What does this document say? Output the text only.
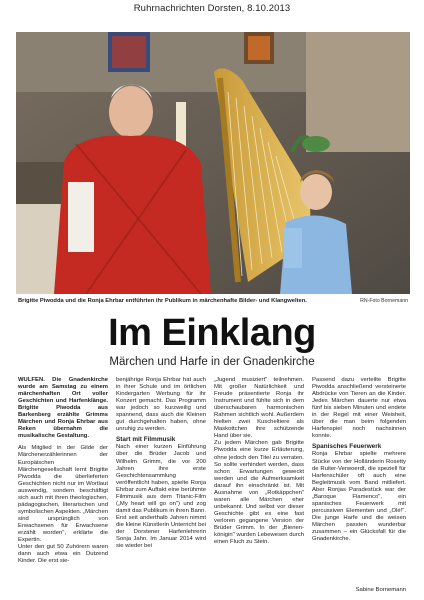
Ruhrnachrichten Dorsten, 8.10.2013
Brigitte Piwodda und die Ronja Ehrbar entführten ihr Publikum in märchenhafte Bilder- und Klangwelten.	RN-Foto Bornemann
Im Einklang
Märchen und Harfe in der Gnadenkirche

WULFEN. Die Gnadenkirche wurde am Samstag zu einem märchenhaften Ort voller Geschichten und Harfenklänge. Brigitte Piwodda aus Barkenberg erzählte Grimms Märchen und Ronja Ehrbar aus Reken übernahm die musikalische Gestaltung.

Als Mitglied in der Gilde der Märchenerzählerinnen der Europäischen Märchengesellschaft lernt Brigitte Piwodda die überlieferten Geschichten nicht nur im Wortlaut auswendig, sondern beschäftigt sich auch mit ihren theologischen, pädagogischen, literarischen und symbolischen Aspekten. „Märchen sind ursprünglich von Erwachsenen für Erwachsene erzählt worden", erklärte die Expertin.

Unter den gut 50 Zuhörern waren dann auch etwa ein Dutzend Kinder. Die erst sie-

benjährige Ronja Ehrbar hat auch in ihrer Schule und im örtlichen Kindergarten Werbung für ihr Konzert gemacht. Das Programm war jedoch so kurzweilig und spannend, dass auch die Kleinen gut durchgehalten haben, ohne unruhig zu werden.

Start mit Filmmusik

Nach einer kurzen Einführung über die Brüder Jacob und Wilhelm Grimm, die vor 200 Jahren ihre erste Geschichtensammlung veröffentlicht haben, spielte Ronja Ehrbar zum Auftakt eine berühmte Filmmusik aus dem Titanic-Film („My heart will go on") und zog damit das Publikum in ihren Bann. Erst seit anderthalb Jahren nimmt die kleine Künstlerin Unterricht bei der Dorstener Harfenlehrerin Sonja Jahn. Im Januar 2014 wird sie wieder bei

„Jugend musiziert" teilnehmen. Mit großer Natürlichkeit und Freude präsentierte Ronja ihr Instrument und fühlte sich in dem überschaubaren harmonischen Rahmen sichtlich wohl. Außerdem hielten zwei Kuscheltiere als Maskottchen ihre schützende Hand über sie.

Zu jedem Märchen gab Brigitte Piwodda eine kurze Erläuterung, ohne jedoch den Titel zu verraten. So sollte verhindert werden, dass schon Erwartungen geweckt werden und die Aufmerksamkeit darauf ihn einschränkt ist. Mit Ausnahme von „Rotkäppchen" waren alle Märchen eher unbekannt. Und selbst vor dieser Geschichte gibt es eine fast verloren gegangene Version der Brüder Grimm. In der „Bienen-königin" wurden Lebewesen durch einen Fluch zu Stein.

Passend dazu verteilte Brigitte Piwodda anschließend versteinerte Abdrücke von Tieren an die Kinder. Jedes Märchen dauerte nur etwa fünf bis sieben Minuten und endete in der Regel mit einer Weisheit, über die man beim folgenden Harfenspiel noch nachsinnen konnte.

Spanisches Feuerwerk

Ronja Ehrbar spielte mehrere Stücke von der Holländerin Rosetty de Ruiter-Verwoerdt, die speziell für Harfenschüler oft auch eine Begleitmusik vom Band mitliefert. Aber Ronjas Paradestück war der „Baroque Flamenco", ein spanisches Feuerwerk mit percussiven Elementen und „Olé!". Die junge Harfe und die weisen Märchen passten wunderbar zusammen – ein Glücksfall für die Gnadenkirche.

Sabine Bornemann
